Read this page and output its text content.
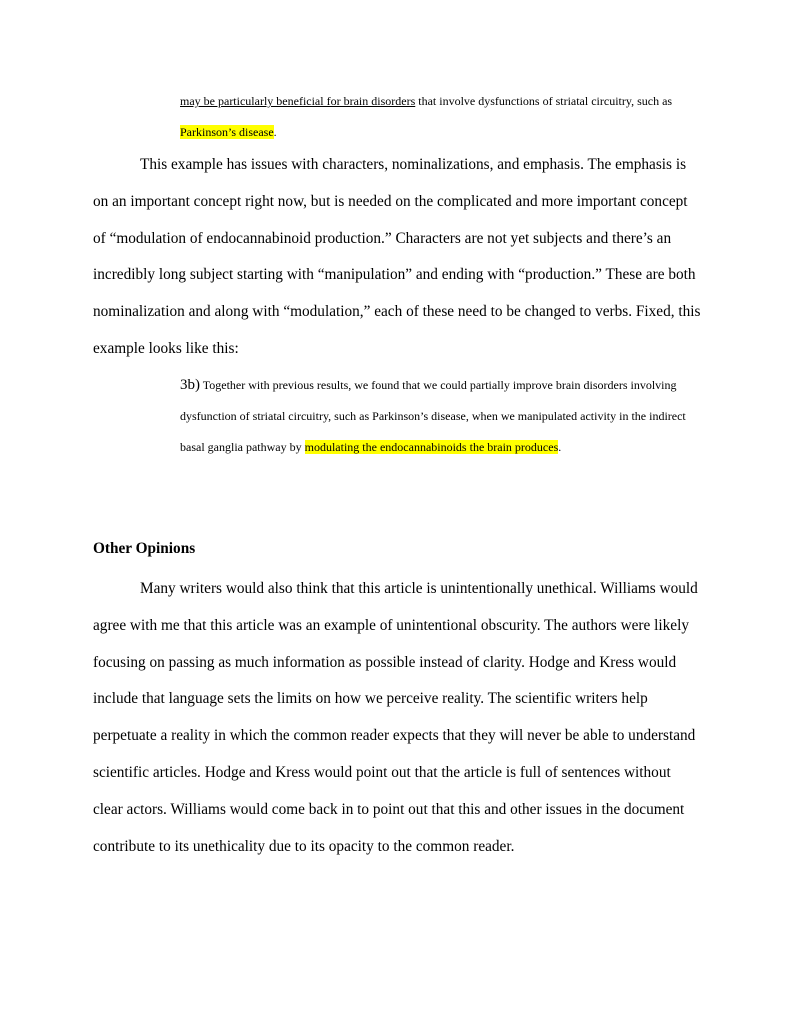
may be particularly beneficial for brain disorders that involve dysfunctions of striatal circuitry, such as Parkinson’s disease.
This example has issues with characters, nominalizations, and emphasis. The emphasis is on an important concept right now, but is needed on the complicated and more important concept of “modulation of endocannabinoid production.” Characters are not yet subjects and there’s an incredibly long subject starting with “manipulation” and ending with “production.” These are both nominalization and along with “modulation,” each of these need to be changed to verbs. Fixed, this example looks like this:
3b) Together with previous results, we found that we could partially improve brain disorders involving dysfunction of striatal circuitry, such as Parkinson’s disease, when we manipulated activity in the indirect basal ganglia pathway by modulating the endocannabinoids the brain produces.
Other Opinions
Many writers would also think that this article is unintentionally unethical. Williams would agree with me that this article was an example of unintentional obscurity. The authors were likely focusing on passing as much information as possible instead of clarity. Hodge and Kress would include that language sets the limits on how we perceive reality. The scientific writers help perpetuate a reality in which the common reader expects that they will never be able to understand scientific articles. Hodge and Kress would point out that the article is full of sentences without clear actors. Williams would come back in to point out that this and other issues in the document contribute to its unethicality due to its opacity to the common reader.
